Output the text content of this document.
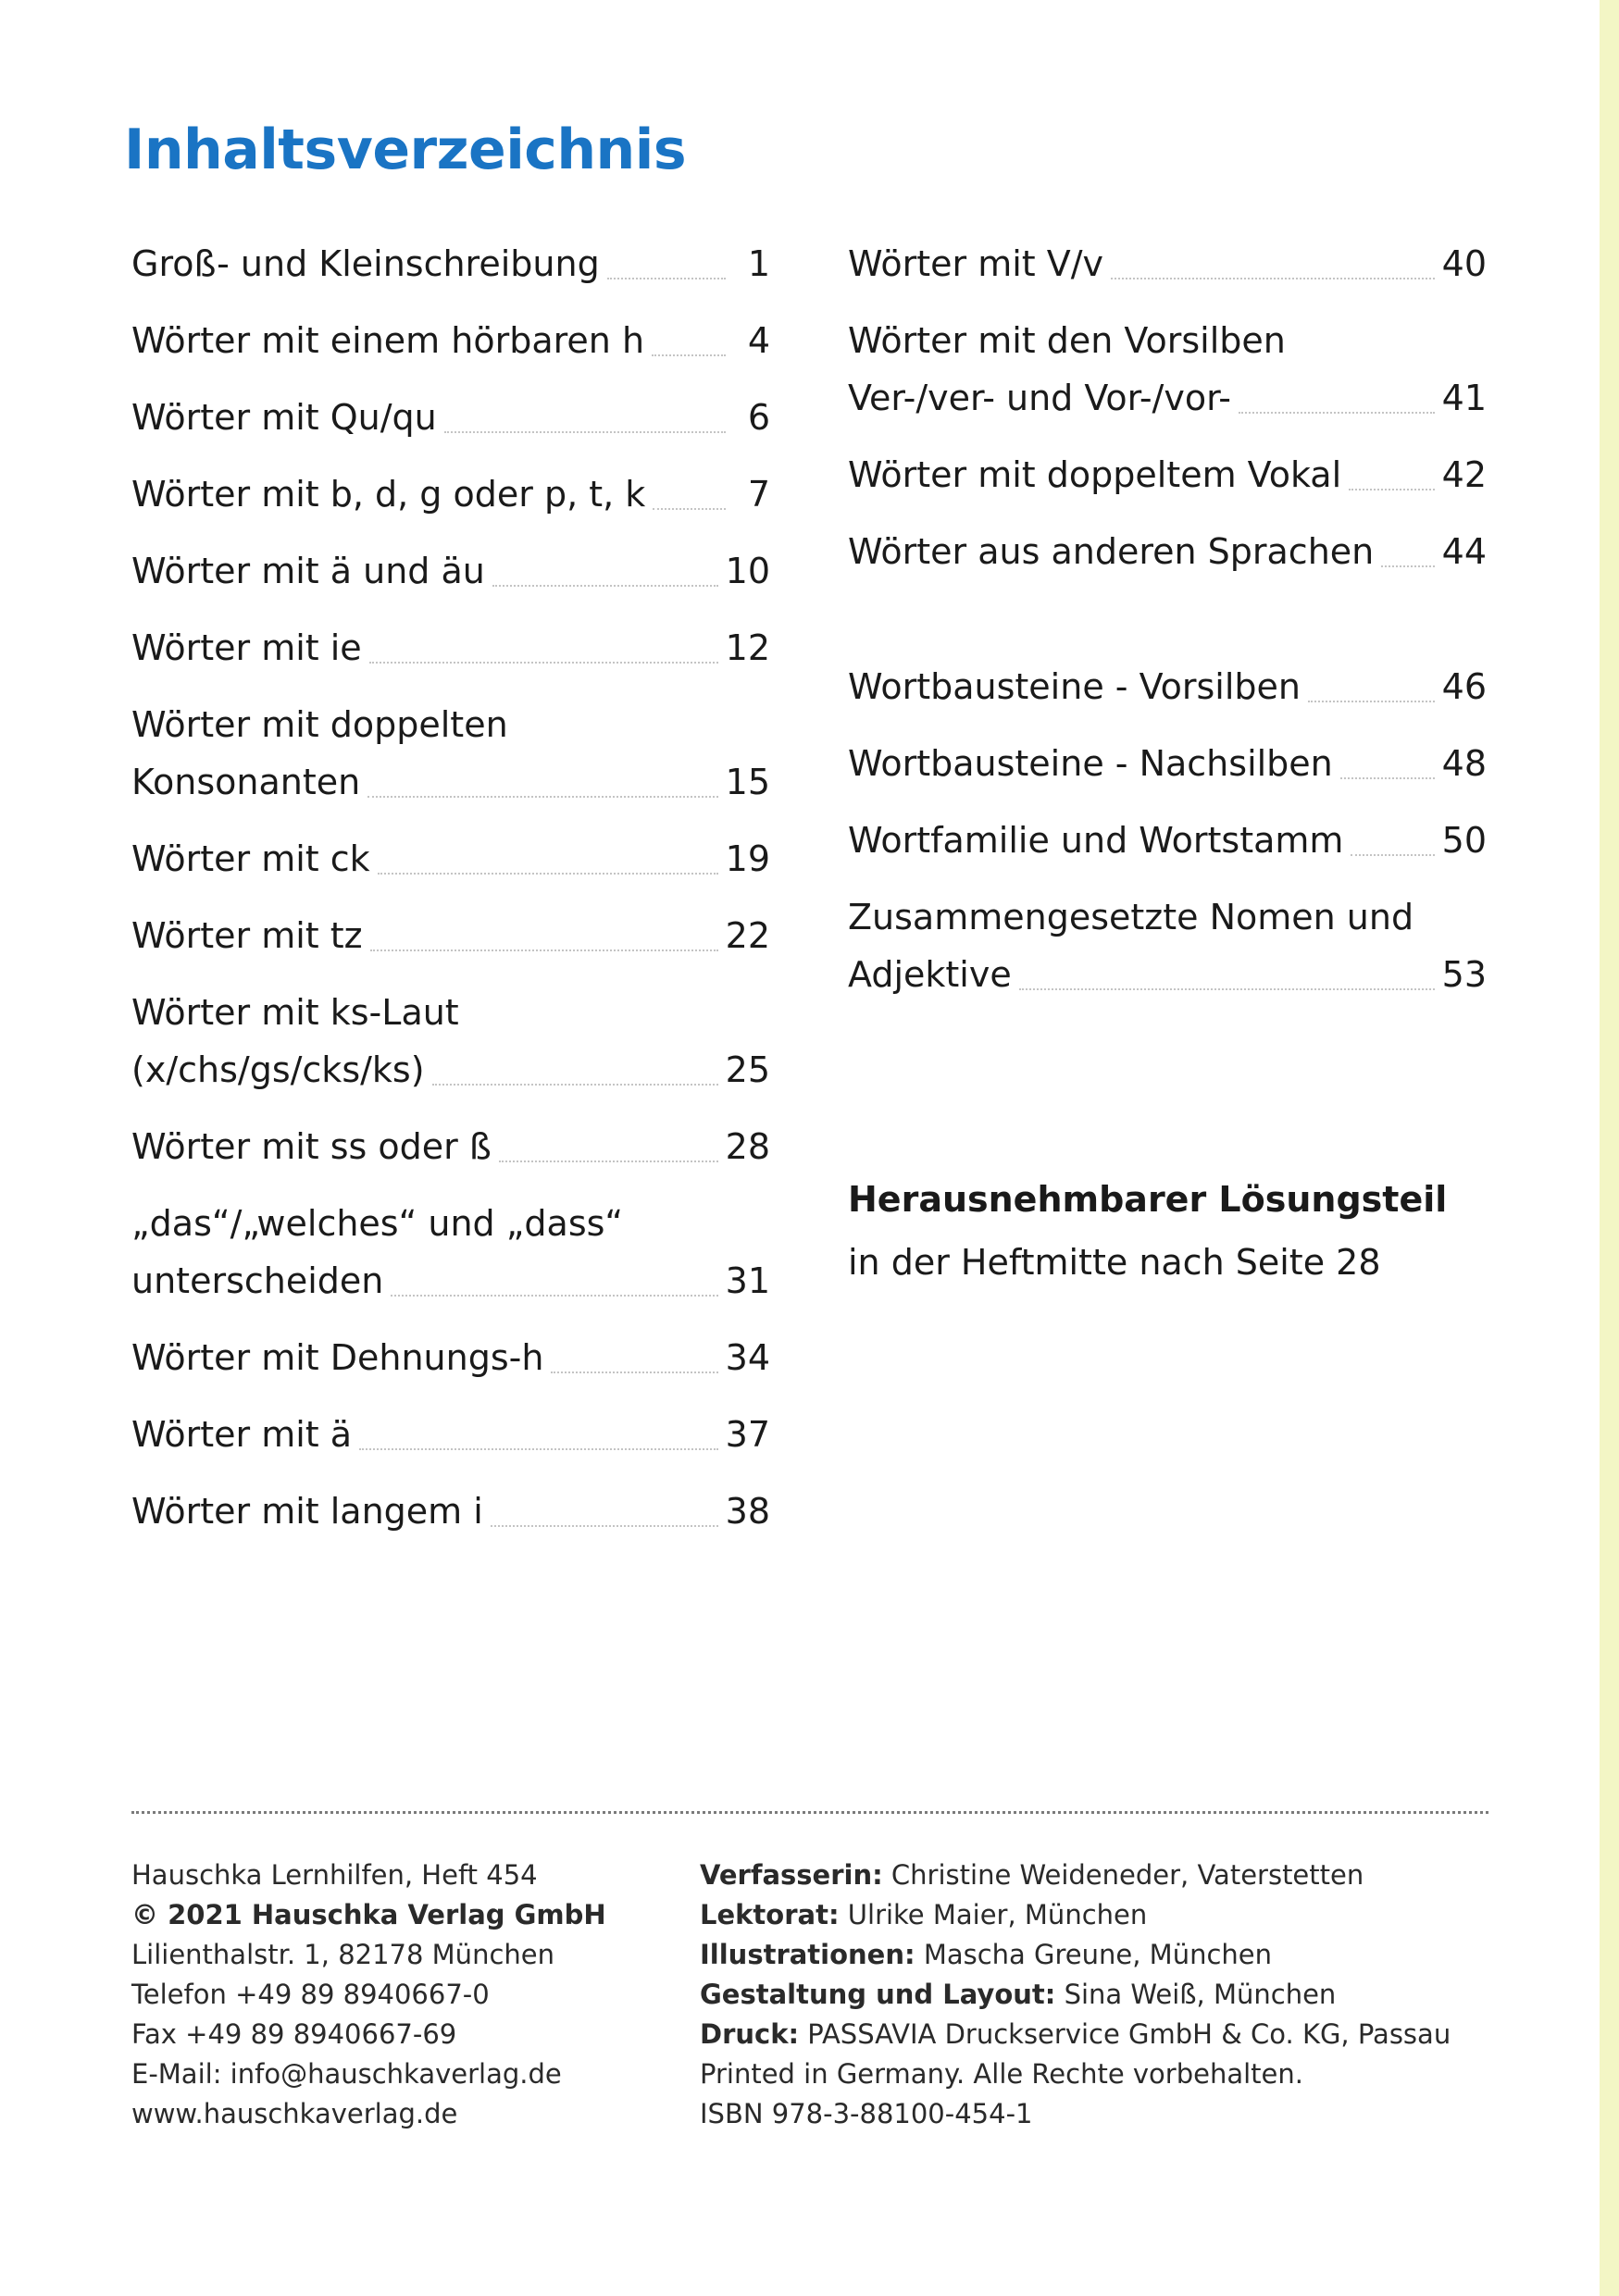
Inhaltsverzeichnis
Groß- und Kleinschreibung	1
Wörter mit einem hörbaren h	4
Wörter mit Qu/qu	6
Wörter mit b, d, g oder p, t, k	7
Wörter mit ä und äu	10
Wörter mit ie	12
Wörter mit doppelten
Konsonanten	15
Wörter mit ck	19
Wörter mit tz	22
Wörter mit ks-Laut
(x/chs/gs/cks/ks)	25
Wörter mit ss oder ß	28
„das“/„welches“ und „dass“
unterscheiden	31
Wörter mit Dehnungs-h	34
Wörter mit ä	37
Wörter mit langem i	38
Wörter mit V/v	40
Wörter mit den Vorsilben
Ver-/ver- und Vor-/vor-	41
Wörter mit doppeltem Vokal	42
Wörter aus anderen Sprachen 44
Wortbausteine - Vorsilben	46
Wortbausteine - Nachsilben	48
Wortfamilie und Wortstamm	50
Zusammengesetzte Nomen und
Adjektive	53
Herausnehmbarer Lösungsteil
in der Heftmitte nach Seite 28
Hauschka Lernhilfen, Heft 454
© 2021 Hauschka Verlag GmbH
Lilienthalstr. 1, 82178 München
Telefon +49 89 8940667-0
Fax +49 89 8940667-69
E-Mail: info@hauschkaverlag.de
www.hauschkaverlag.de
Verfasserin: Christine Weideneder, Vaterstetten
Lektorat: Ulrike Maier, München
Illustrationen: Mascha Greune, München
Gestaltung und Layout: Sina Weiß, München
Druck: PASSAVIA Druckservice GmbH & Co. KG, Passau
Printed in Germany. Alle Rechte vorbehalten.
ISBN 978-3-88100-454-1
